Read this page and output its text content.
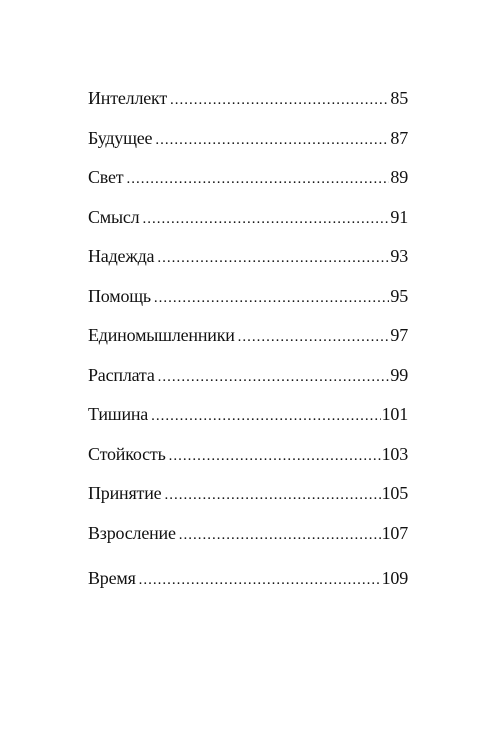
Интеллект .....	85
Будущее .....	87
Свет .....	89
Смысл .....	91
Надежда .....	93
Помощь .....	95
Единомышленники .....	97
Расплата .....	99
Тишина .....	101
Стойкость .....	103
Принятие .....	105
Взросление .....	107
Время .....	109
